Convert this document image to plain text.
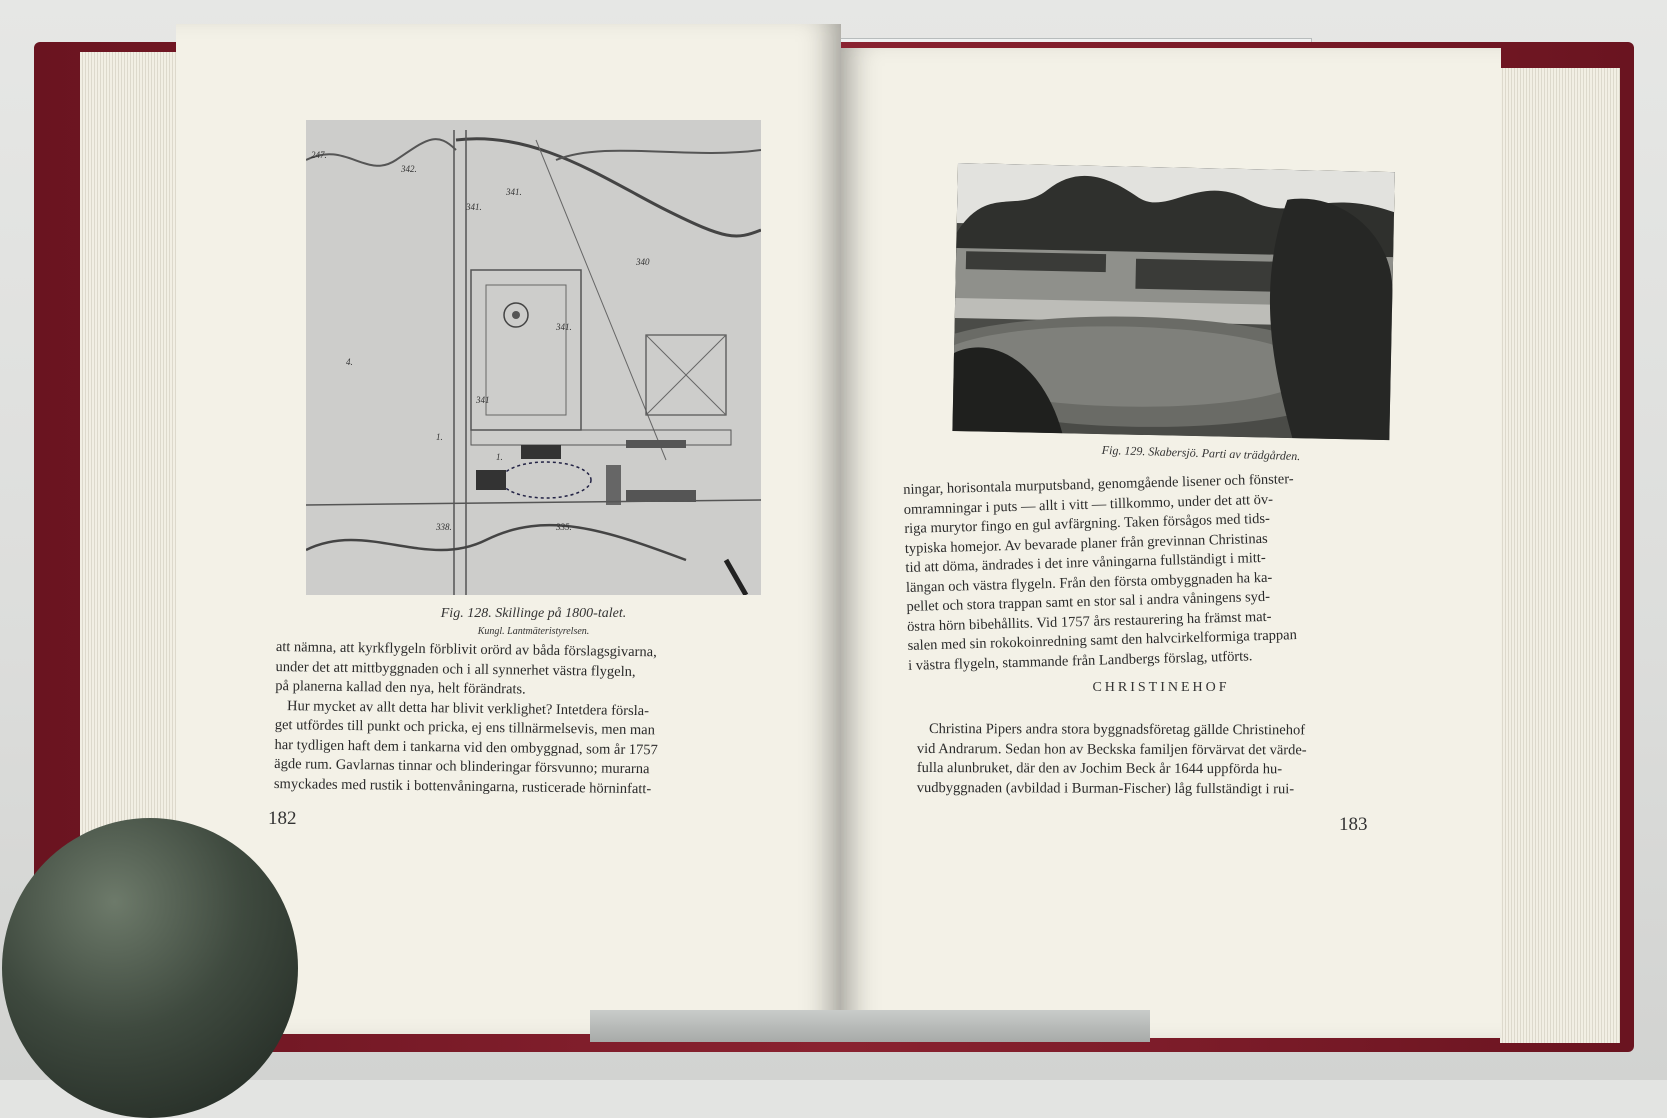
247.
342.
341.
341.
340
341.
341
1.
1.
338.	335.
4.
Fig. 128. Skillinge på 1800-talet.
Kungl. Lantmäteristyrelsen.

att nämna, att kyrkflygeln förblivit orörd av båda förslagsgivarna,

under det att mittbyggnaden och i all synnerhet västra flygeln,

på planerna kallad den nya, helt förändrats.

Hur mycket av allt detta har blivit verklighet? Intetdera försla-

get utfördes till punkt och pricka, ej ens tillnärmelsevis, men man

har tydligen haft dem i tankarna vid den ombyggnad, som år 1757

ägde rum. Gavlarnas tinnar och blinderingar försvunno; murarna

smyckades med rustik i bottenvåningarna, rusticerade hörninfatt-

182
Fig. 129. Skabersjö. Parti av trädgården.

ningar, horisontala murputsband, genomgående lisener och fönster-

omramningar i puts — allt i vitt — tillkommo, under det att öv-

riga murytor fingo en gul avfärgning. Taken försågos med tids-

typiska homejor. Av bevarade planer från grevinnan Christinas

tid att döma, ändrades i det inre våningarna fullständigt i mitt-

längan och västra flygeln. Från den första ombyggnaden ha ka-

pellet och stora trappan samt en stor sal i andra våningens syd-

östra hörn bibehållits. Vid 1757 års restaurering ha främst mat-

salen med sin rokokoinredning samt den halvcirkelformiga trappan

i västra flygeln, stammande från Landbergs förslag, utförts.

CHRISTINEHOF

Christina Pipers andra stora byggnadsföretag gällde Christinehof

vid Andrarum. Sedan hon av Beckska familjen förvärvat det värde-

fulla alunbruket, där den av Jochim Beck år 1644 uppförda hu-

vudbyggnaden (avbildad i Burman-Fischer) låg fullständigt i rui-

183
